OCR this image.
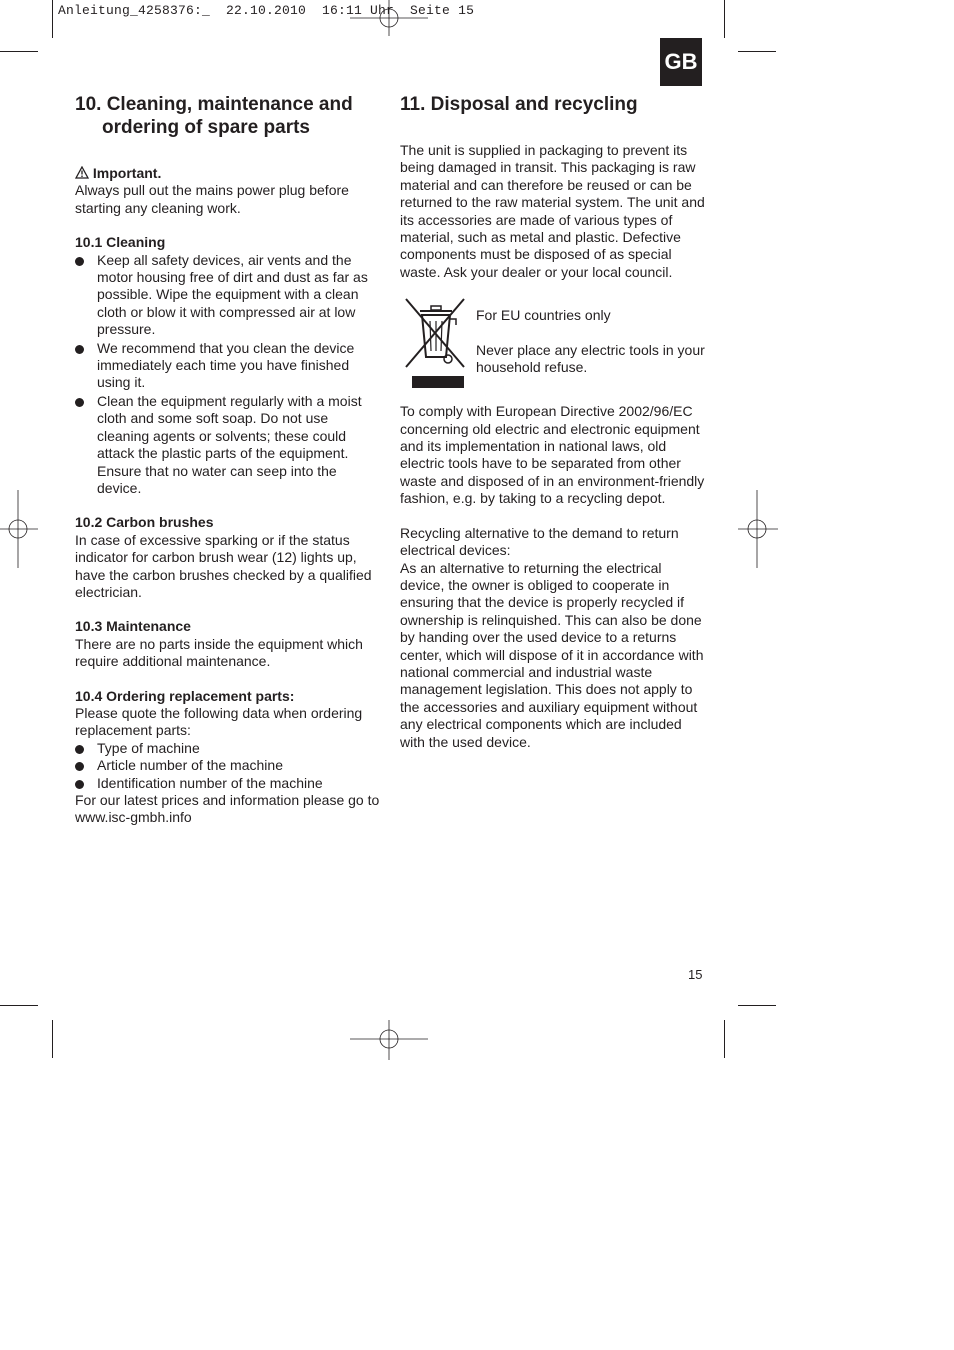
Anleitung_4258376:_  22.10.2010  16:11 Uhr  Seite 15
GB
10. Cleaning, maintenance and ordering of spare parts

Important.

Always pull out the mains power plug before starting any cleaning work.

10.1 Cleaning

Keep all safety devices, air vents and the motor housing free of dirt and dust as far as possible. Wipe the equipment with a clean cloth or blow it with compressed air at low pressure.
We recommend that you clean the device immediately each time you have finished using it.
Clean the equipment regularly with a moist cloth and some soft soap. Do not use cleaning agents or solvents; these could attack the plastic parts of the equipment. Ensure that no water can seep into the device.

10.2 Carbon brushes

In case of excessive sparking or if the status indicator for carbon brush wear (12) lights up, have the carbon brushes checked by a qualified electrician.

10.3 Maintenance

There are no parts inside the equipment which require additional maintenance.

10.4 Ordering replacement parts:

Please quote the following data when ordering replacement parts:

Type of machine
Article number of the machine
Identification number of the machine

For our latest prices and information please go to www.isc-gmbh.info

11. Disposal and recycling

The unit is supplied in packaging to prevent its being damaged in transit. This packaging is raw material and can therefore be reused or can be returned to the raw material system. The unit and its accessories are made of various types of material, such as metal and plastic. Defective components must be disposed of as special waste. Ask your dealer or your local council.

For EU countries only

Never place any electric tools in your household refuse.

To comply with European Directive 2002/96/EC concerning old electric and electronic equipment and its implementation in national laws, old electric tools have to be separated from other waste and disposed of in an environment-friendly fashion, e.g. by taking to a recycling depot.

Recycling alternative to the demand to return electrical devices:

As an alternative to returning the electrical device, the owner is obliged to cooperate in ensuring that the device is properly recycled if ownership is relinquished. This can also be done by handing over the used device to a returns center, which will dispose of it in accordance with national commercial and industrial waste management legislation. This does not apply to the accessories and auxiliary equipment without any electrical components which are included with the used device.

15
